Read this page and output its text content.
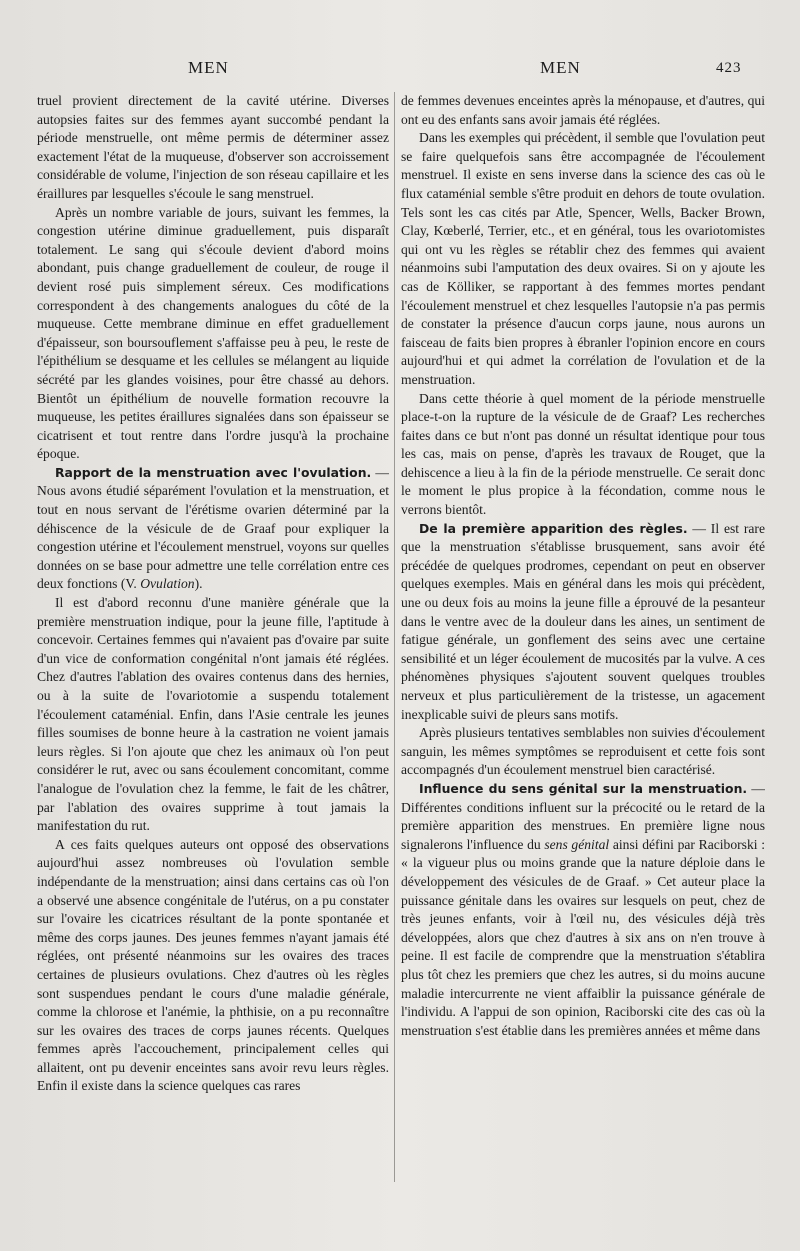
MEN	MEN	423

truel provient directement de la cavité utérine. Diverses autopsies faites sur des femmes ayant succombé pendant la période menstruelle, ont même permis de déterminer assez exactement l'état de la muqueuse, d'observer son accroissement considérable de volume, l'injection de son réseau capillaire et les éraillures par lesquelles s'écoule le sang menstruel.

Après un nombre variable de jours, suivant les femmes, la congestion utérine diminue graduellement, puis disparaît totalement. Le sang qui s'écoule devient d'abord moins abondant, puis change graduellement de couleur, de rouge il devient rosé puis simplement séreux. Ces modifications correspondent à des changements analogues du côté de la muqueuse. Cette membrane diminue en effet graduellement d'épaisseur, son boursouflement s'affaisse peu à peu, le reste de l'épithélium se desquame et les cellules se mélangent au liquide sécrété par les glandes voisines, pour être chassé au dehors. Bientôt un épithélium de nouvelle formation recouvre la muqueuse, les petites éraillures signalées dans son épaisseur se cicatrisent et tout rentre dans l'ordre jusqu'à la prochaine époque.

Rapport de la menstruation avec l'ovulation. — Nous avons étudié séparément l'ovulation et la menstruation, et tout en nous servant de l'érétisme ovarien déterminé par la déhiscence de la vésicule de de Graaf pour expliquer la congestion utérine et l'écoulement menstruel, voyons sur quelles données on se base pour admettre une telle corrélation entre ces deux fonctions (V. Ovulation).

Il est d'abord reconnu d'une manière générale que la première menstruation indique, pour la jeune fille, l'aptitude à concevoir. Certaines femmes qui n'avaient pas d'ovaire par suite d'un vice de conformation congénital n'ont jamais été réglées. Chez d'autres l'ablation des ovaires contenus dans des hernies, ou à la suite de l'ovariotomie a suspendu totalement l'écoulement cataménial. Enfin, dans l'Asie centrale les jeunes filles soumises de bonne heure à la castration ne voient jamais leurs règles. Si l'on ajoute que chez les animaux où l'on peut considérer le rut, avec ou sans écoulement concomitant, comme l'analogue de l'ovulation chez la femme, le fait de les châtrer, par l'ablation des ovaires supprime à tout jamais la manifestation du rut.

A ces faits quelques auteurs ont opposé des observations aujourd'hui assez nombreuses où l'ovulation semble indépendante de la menstruation; ainsi dans certains cas où l'on a observé une absence congénitale de l'utérus, on a pu constater sur l'ovaire les cicatrices résultant de la ponte spontanée et même des corps jaunes. Des jeunes femmes n'ayant jamais été réglées, ont présenté néanmoins sur les ovaires des traces certaines de plusieurs ovulations. Chez d'autres où les règles sont suspendues pendant le cours d'une maladie générale, comme la chlorose et l'anémie, la phthisie, on a pu reconnaître sur les ovaires des traces de corps jaunes récents. Quelques femmes après l'accouchement, principalement celles qui allaitent, ont pu devenir enceintes sans avoir revu leurs règles. Enfin il existe dans la science quelques cas rares

de femmes devenues enceintes après la ménopause, et d'autres, qui ont eu des enfants sans avoir jamais été réglées.

Dans les exemples qui précèdent, il semble que l'ovulation peut se faire quelquefois sans être accompagnée de l'écoulement menstruel. Il existe en sens inverse dans la science des cas où le flux cataménial semble s'être produit en dehors de toute ovulation. Tels sont les cas cités par Atle, Spencer, Wells, Backer Brown, Clay, Kœberlé, Terrier, etc., et en général, tous les ovariotomistes qui ont vu les règles se rétablir chez des femmes qui avaient néanmoins subi l'amputation des deux ovaires. Si on y ajoute les cas de Kölliker, se rapportant à des femmes mortes pendant l'écoulement menstruel et chez lesquelles l'autopsie n'a pas permis de constater la présence d'aucun corps jaune, nous aurons un faisceau de faits bien propres à ébranler l'opinion encore en cours aujourd'hui et qui admet la corrélation de l'ovulation et de la menstruation.

Dans cette théorie à quel moment de la période menstruelle place-t-on la rupture de la vésicule de de Graaf? Les recherches faites dans ce but n'ont pas donné un résultat identique pour tous les cas, mais on pense, d'après les travaux de Rouget, que la dehiscence a lieu à la fin de la période menstruelle. Ce serait donc le moment le plus propice à la fécondation, comme nous le verrons bientôt.

De la première apparition des règles. — Il est rare que la menstruation s'établisse brusquement, sans avoir été précédée de quelques prodromes, cependant on peut en observer quelques exemples. Mais en général dans les mois qui précèdent, une ou deux fois au moins la jeune fille a éprouvé de la pesanteur dans le ventre avec de la douleur dans les aines, un sentiment de fatigue générale, un gonflement des seins avec une certaine sensibilité et un léger écoulement de mucosités par la vulve. A ces phénomènes physiques s'ajoutent souvent quelques troubles nerveux et plus particulièrement de la tristesse, un agacement inexplicable suivi de pleurs sans motifs.

Après plusieurs tentatives semblables non suivies d'écoulement sanguin, les mêmes symptômes se reproduisent et cette fois sont accompagnés d'un écoulement menstruel bien caractérisé.

Influence du sens génital sur la menstruation. — Différentes conditions influent sur la précocité ou le retard de la première apparition des menstrues. En première ligne nous signalerons l'influence du sens génital ainsi défini par Raciborski : « la vigueur plus ou moins grande que la nature déploie dans le développement des vésicules de de Graaf. » Cet auteur place la puissance génitale dans les ovaires sur lesquels on peut, chez de très jeunes enfants, voir à l'œil nu, des vésicules déjà très développées, alors que chez d'autres à six ans on n'en trouve à peine. Il est facile de comprendre que la menstruation s'établira plus tôt chez les premiers que chez les autres, si du moins aucune maladie intercurrente ne vient affaiblir la puissance générale de l'individu. A l'appui de son opinion, Raciborski cite des cas où la menstruation s'est établie dans les premières années et même dans
